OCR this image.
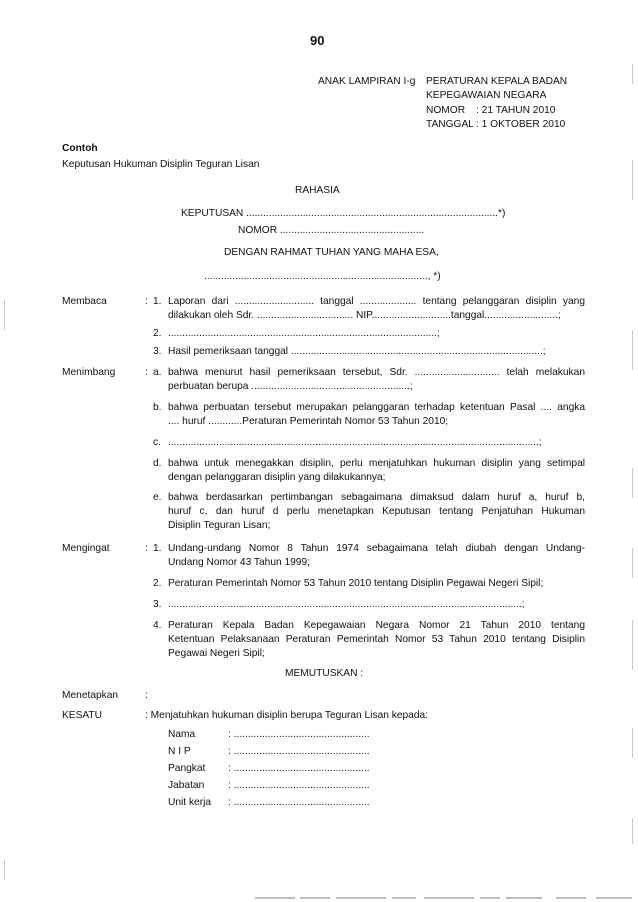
90
ANAK LAMPIRAN I-g PERATURAN KEPALA BADAN
KEPEGAWAIAN NEGARA
NOMOR : 21 TAHUN 2010
TANGGAL : 1 OKTOBER 2010
Contoh
Keputusan Hukuman Disiplin Teguran Lisan
RAHASIA
KEPUTUSAN .........................................................................................*)
NOMOR ...................................................
DENGAN RAHMAT TUHAN YANG MAHA ESA,
..............................................................................., *)
Membaca	: 1. Laporan dari ............................ tanggal .................... tentang pelanggaran disiplin yang
dilakukan oleh Sdr. .................................. NIP............................tanggal..........................;
2. ...............................................................................................;
3. Hasil pemeriksaan tanggal .........................................................................................;
Menimbang	: a. bahwa menurut hasil pemeriksaan tersebut, Sdr. .............................. telah melakukan
perbuatan berupa ........................................................;
b. bahwa perbuatan tersebut merupakan pelanggaran terhadap ketentuan Pasal .... angka
.... huruf ............Peraturan Pemerintah Nomor 53 Tahun 2010;
c. ...................................................................................................................................;
d. bahwa untuk menegakkan disiplin, perlu menjatuhkan hukuman disiplin yang setimpal
dengan pelanggaran disiplin yang dilakukannya;
e. bahwa berdasarkan pertimbangan sebagaimana dimaksud dalam huruf a, huruf b,
huruf c, dan huruf d perlu menetapkan Keputusan tentang Penjatuhan Hukuman
Disiplin Teguran Lisan;
Mengingat	: 1. Undang-undang Nomor 8 Tahun 1974 sebagaimana telah diubah dengan Undang-
Undang Nomor 43 Tahun 1999;
2. Peraturan Pemerintah Nomor 53 Tahun 2010 tentang Disiplin Pegawai Negeri Sipil;
3. .............................................................................................................................;
4. Peraturan Kepala Badan Kepegawaian Negara Nomor 21 Tahun 2010 tentang
Ketentuan Pelaksanaan Peraturan Pemerintah Nomor 53 Tahun 2010 tentang Disiplin
Pegawai Negeri Sipil;
MEMUTUSKAN :
Menetapkan	:
KESATU	: Menjatuhkan hukuman disiplin berupa Teguran Lisan kepada:
Nama	: ................................................
N I P	: ................................................
Pangkat : ................................................
Jabatan : ................................................
Unit kerja : ................................................
